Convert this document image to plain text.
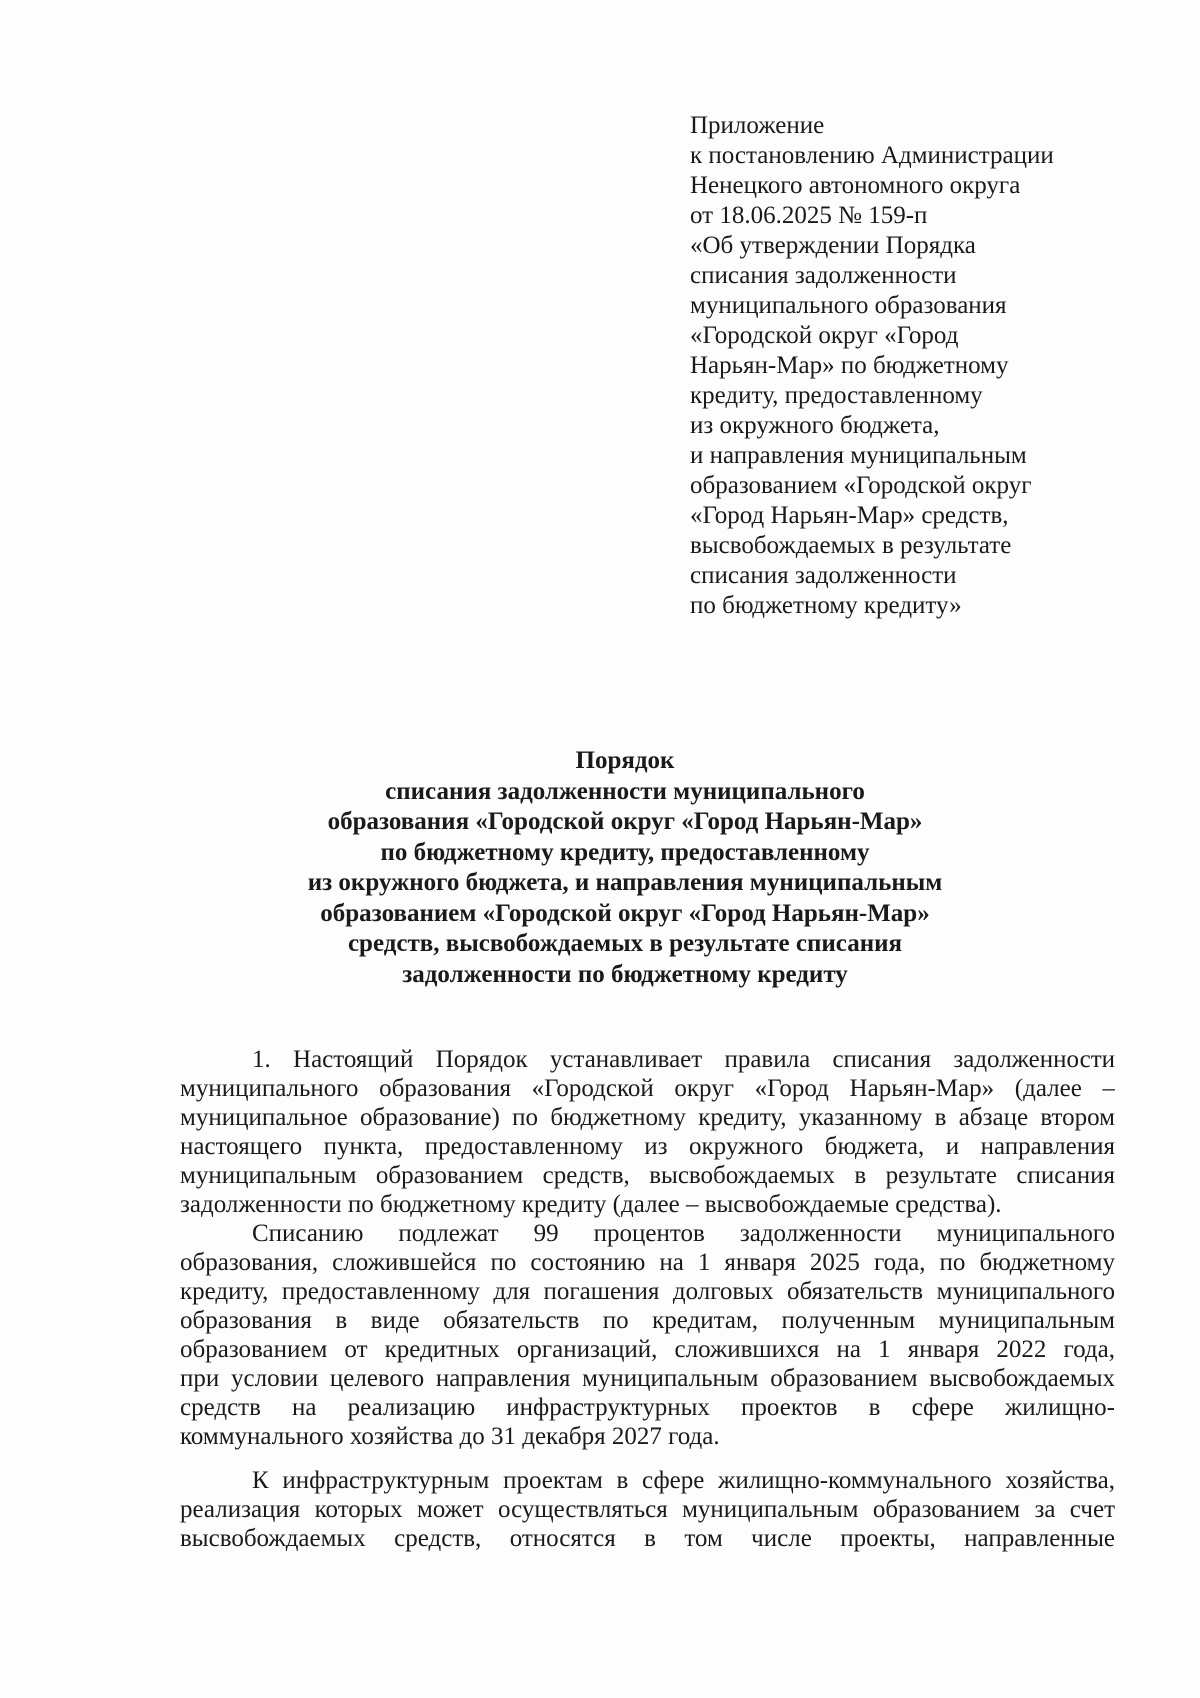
Приложение
к постановлению Администрации
Ненецкого автономного округа
от 18.06.2025 № 159-п
«Об утверждении Порядка
списания задолженности
муниципального образования
«Городской округ «Город
Нарьян-Мар» по бюджетному
кредиту, предоставленному
из окружного бюджета,
и направления муниципальным
образованием «Городской округ
«Город Нарьян-Мар» средств,
высвобождаемых в результате
списания задолженности
по бюджетному кредиту»
Порядок
списания задолженности муниципального
образования «Городской округ «Город Нарьян-Мар»
по бюджетному кредиту, предоставленному
из окружного бюджета, и направления муниципальным
образованием «Городской округ «Город Нарьян-Мар»
средств, высвобождаемых в результате списания
задолженности по бюджетному кредиту

1. Настоящий Порядок устанавливает правила списания задолженности
муниципального образования «Городской округ «Город Нарьян-Мар» (далее –
муниципальное образование) по бюджетному кредиту, указанному в абзаце втором
настоящего пункта, предоставленному из окружного бюджета, и направления
муниципальным образованием средств, высвобождаемых в результате списания
задолженности по бюджетному кредиту (далее – высвобождаемые средства).

Списанию подлежат 99 процентов задолженности муниципального
образования, сложившейся по состоянию на 1 января 2025 года, по бюджетному
кредиту, предоставленному для погашения долговых обязательств муниципального
образования в виде обязательств по кредитам, полученным муниципальным
образованием от кредитных организаций, сложившихся на 1 января 2022 года,
при условии целевого направления муниципальным образованием высвобождаемых
средств на реализацию инфраструктурных проектов в сфере жилищно-
коммунального хозяйства до 31 декабря 2027 года.

К инфраструктурным проектам в сфере жилищно-коммунального хозяйства,
реализация которых может осуществляться муниципальным образованием за счет
высвобождаемых средств, относятся в том числе проекты, направленные
